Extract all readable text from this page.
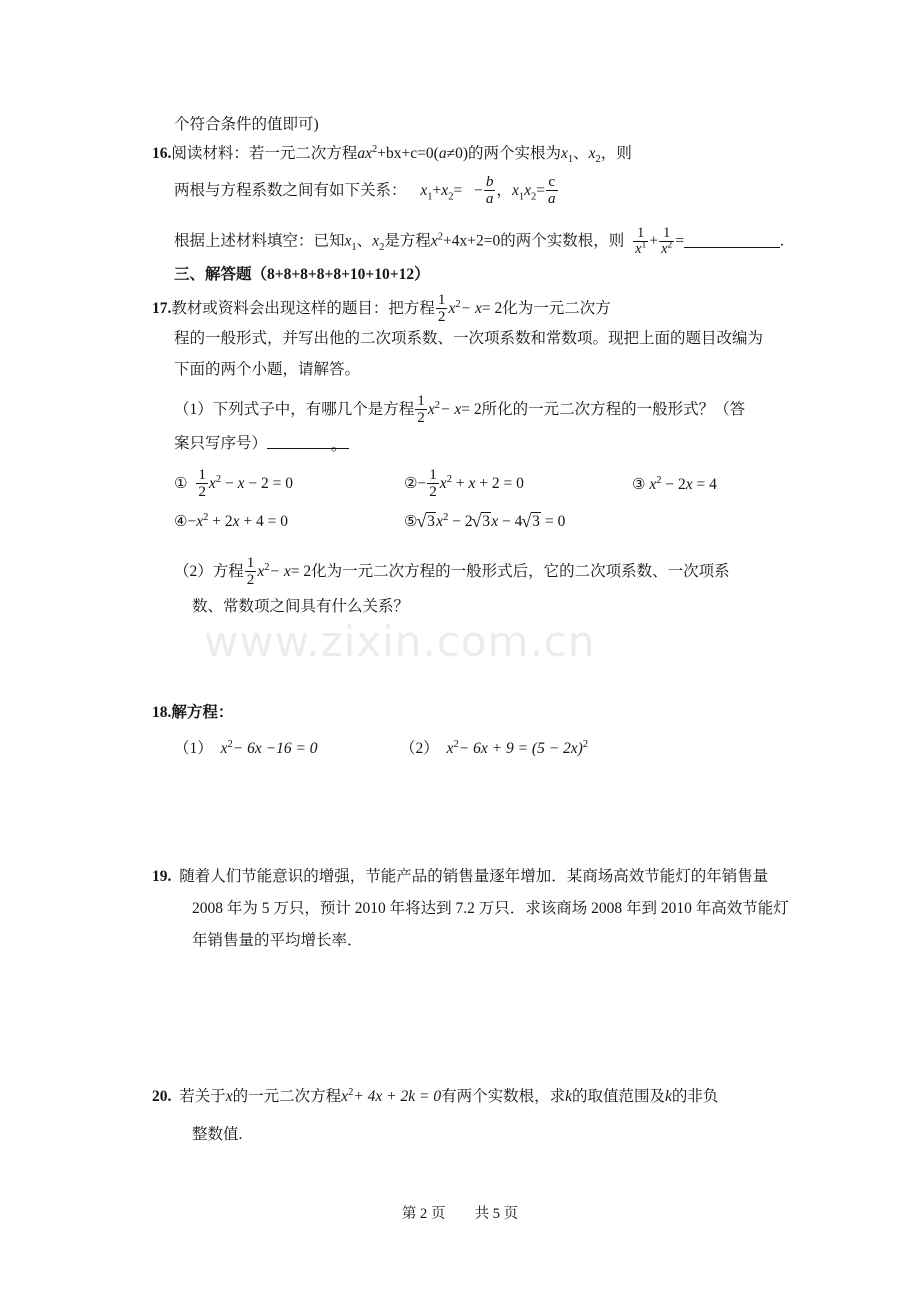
www.zixin.com.cn
个符合条件的值即可)
16.阅读材料：若一元二次方程$ax^2+bx+c=0(a\ne 0)$的两个实根为$x_1$、$x_2$，则
两根与方程系数之间有如下关系： $x_1+x_2= - \frac{b}{a}$ ，$x_1x_2= \frac{c}{a}$
根据上述材料填空：已知$x_1$、$x_2$是方程$x^2+4x+2=0$的两个实数根，则 $\frac{1}{x^1} + \frac{1}{x^2}$ =	.
三、解答题（8+8+8+8+8+10+10+12）
17.教材或资料会出现这样的题目：把方程 $\frac{1}{2} x^2- x= 2$化为一元二次方
程的一般形式，并写出他的二次项系数、一次项系数和常数项。现把上面的题目改编为
下面的两个小题，请解答。
（1）下列式子中，有哪几个是方程 $\frac{1}{2} x^2- x= 2$所化的一元二次方程的一般形式？（答
案只写序号）	。
① $\frac{1}{2} x^2 - x - 2 = 0$	②− $\frac{1}{2} x^2 + x + 2 = 0$	③ $x^2 - 2x = 4$
$④-x^2 + 2x + 4 = 0$	⑤ √ $3x^2 - 2$ √ 3x − 4 √ 3 = 0
（2）方程 $\frac{1}{2} x^2- x= 2$化为一元二次方程的一般形式后，它的二次项系数、一次项系
数、常数项之间具有什么关系？
18.解方程：
（1） $x^2- 6x -16 = 0$	（2） $x^2- 6x + 9 = (5 - 2x)^2$
19. 随着人们节能意识的增强，节能产品的销售量逐年增加．某商场高效节能灯的年销售量
2008 年为 5 万只，预计 2010 年将达到 7.2 万只．求该商场 2008 年到 2010 年高效节能灯
年销售量的平均增长率．
20. 若关于x的一元二次方程$x^2+ 4x + 2k = 0$有两个实数根，求k的取值范围及k的非负
整数值.
第 2 页 共 5 页
